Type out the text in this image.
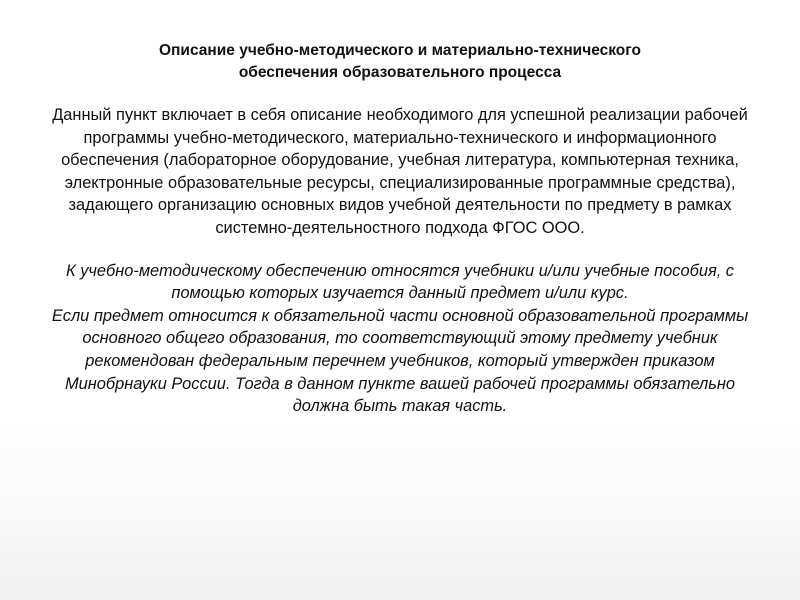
Описание учебно-методического и материально-технического
обеспечения образовательного процесса

Данный пункт включает в себя описание необходимого для успешной реализации рабочей программы учебно-методического, материально-технического и информационного обеспечения (лабораторное оборудование, учебная литература, компьютерная техника, электронные образовательные ресурсы, специализированные программные средства), задающего организацию основных видов учебной деятельности по предмету в рамках системно-деятельностного подхода ФГОС ООО.

К учебно-методическому обеспечению относятся учебники и/или учебные пособия, с помощью которых изучается данный предмет и/или курс.

Если предмет относится к обязательной части основной образовательной программы основного общего образования, то соответствующий этому предмету учебник рекомендован федеральным перечнем учебников, который утвержден приказом Минобрнауки России. Тогда в данном пункте вашей рабочей программы обязательно должна быть такая часть.
